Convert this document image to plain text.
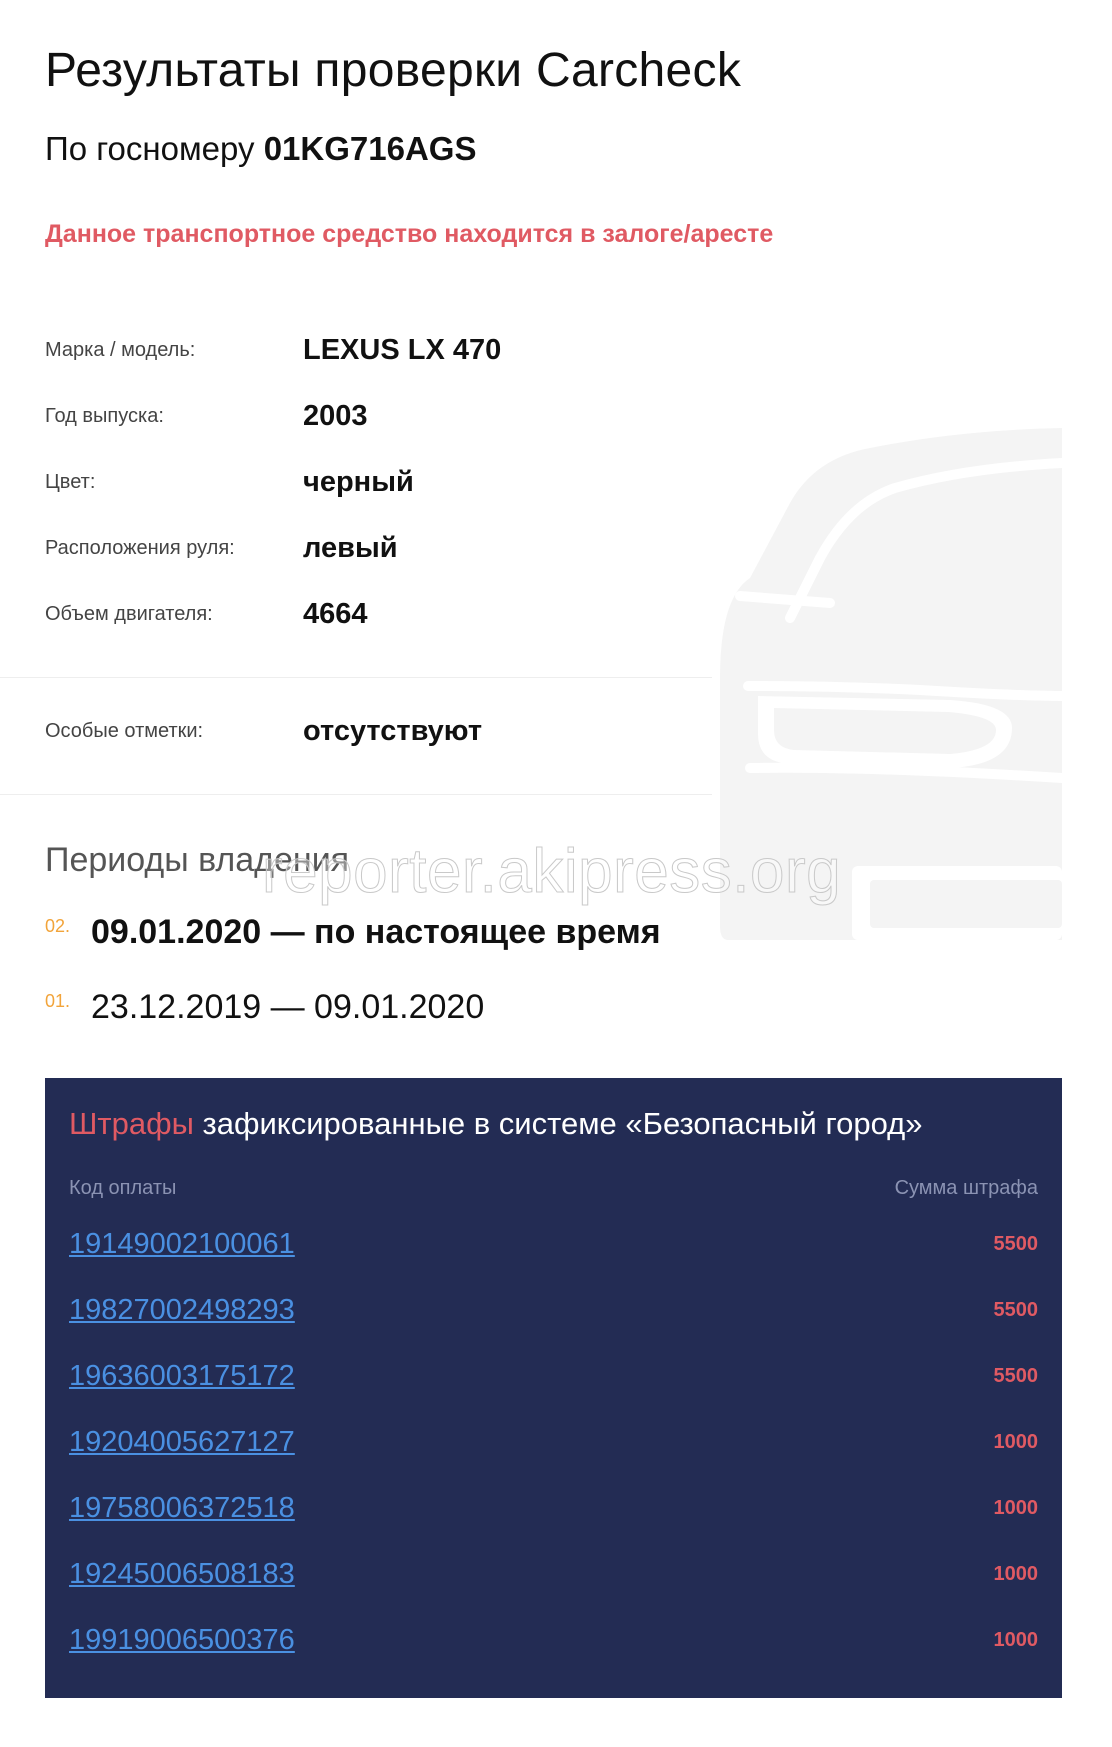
Результаты проверки Carcheck
По госномеру 01KG716AGS
Данное транспортное средство находится в залоге/аресте
Марка / модель:	LEXUS LX 470
Год выпуска:	2003
Цвет:	черный
Расположения руля:	левый
Объем двигателя:	4664
Особые отметки:	отсутствуют
Периоды владения
02. 09.01.2020 — по настоящее время
01. 23.12.2019 — 09.01.2020
reporter.akipress.org
Штрафы зафиксированные в системе «Безопасный город»
Код оплаты	Сумма штрафа
19149002100061	5500
19827002498293	5500
19636003175172	5500
19204005627127	1000
19758006372518	1000
19245006508183	1000
19919006500376	1000
